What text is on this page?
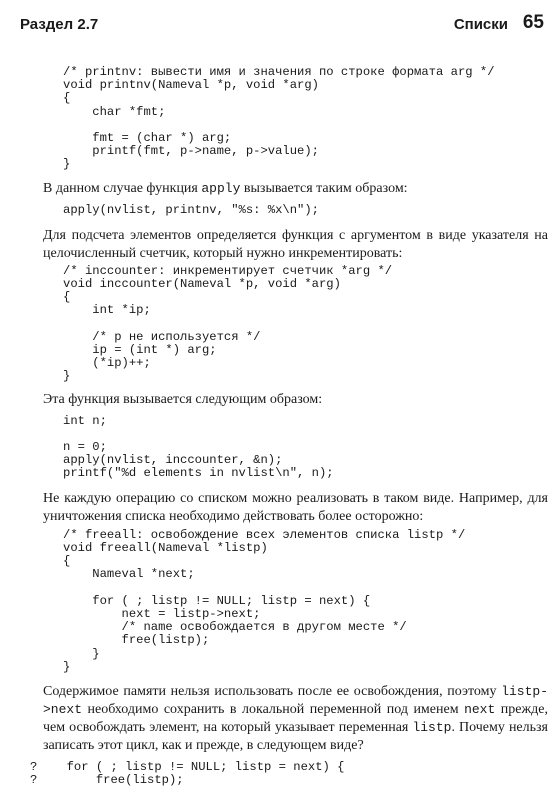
Раздел 2.7	Списки 65
/* printnv: вывести имя и значения по строке формата arg */
void printnv(Nameval *p, void *arg)
{
char *fmt;

fmt = (char *) arg;
printf(fmt, p->name, p->value);
}

В данном случае функция apply вызывается таким образом:

apply(nvlist, printnv, "%s: %x\n");

Для подсчета элементов определяется функция с аргументом в виде указателя на целочисленный счетчик, который нужно инкрементировать:

/* inccounter: инкрементирует счетчик *arg */
void inccounter(Nameval *p, void *arg)
{
int *ip;

/* p не используется */
ip = (int *) arg;
(*ip)++;
}

Эта функция вызывается следующим образом:

int n;

n = 0;
apply(nvlist, inccounter, &n);
printf("%d elements in nvlist\n", n);

Не каждую операцию со списком можно реализовать в таком виде. Например, для уничтожения списка необходимо действовать более осторожно:

/* freeall: освобождение всех элементов списка listp */
void freeall(Nameval *listp)
{
Nameval *next;

for ( ; listp != NULL; listp = next) {
next = listp->next;
/* name освобождается в другом месте */
free(listp);
}
}

Содержимое памяти нельзя использовать после ее освобождения, поэтому listp->next необходимо сохранить в локальной переменной под именем next прежде, чем освобождать элемент, на который указывает переменная listp. Почему нельзя записать этот цикл, как и прежде, в следующем виде?

?    for ( ; listp != NULL; listp = next) {
?        free(listp);
